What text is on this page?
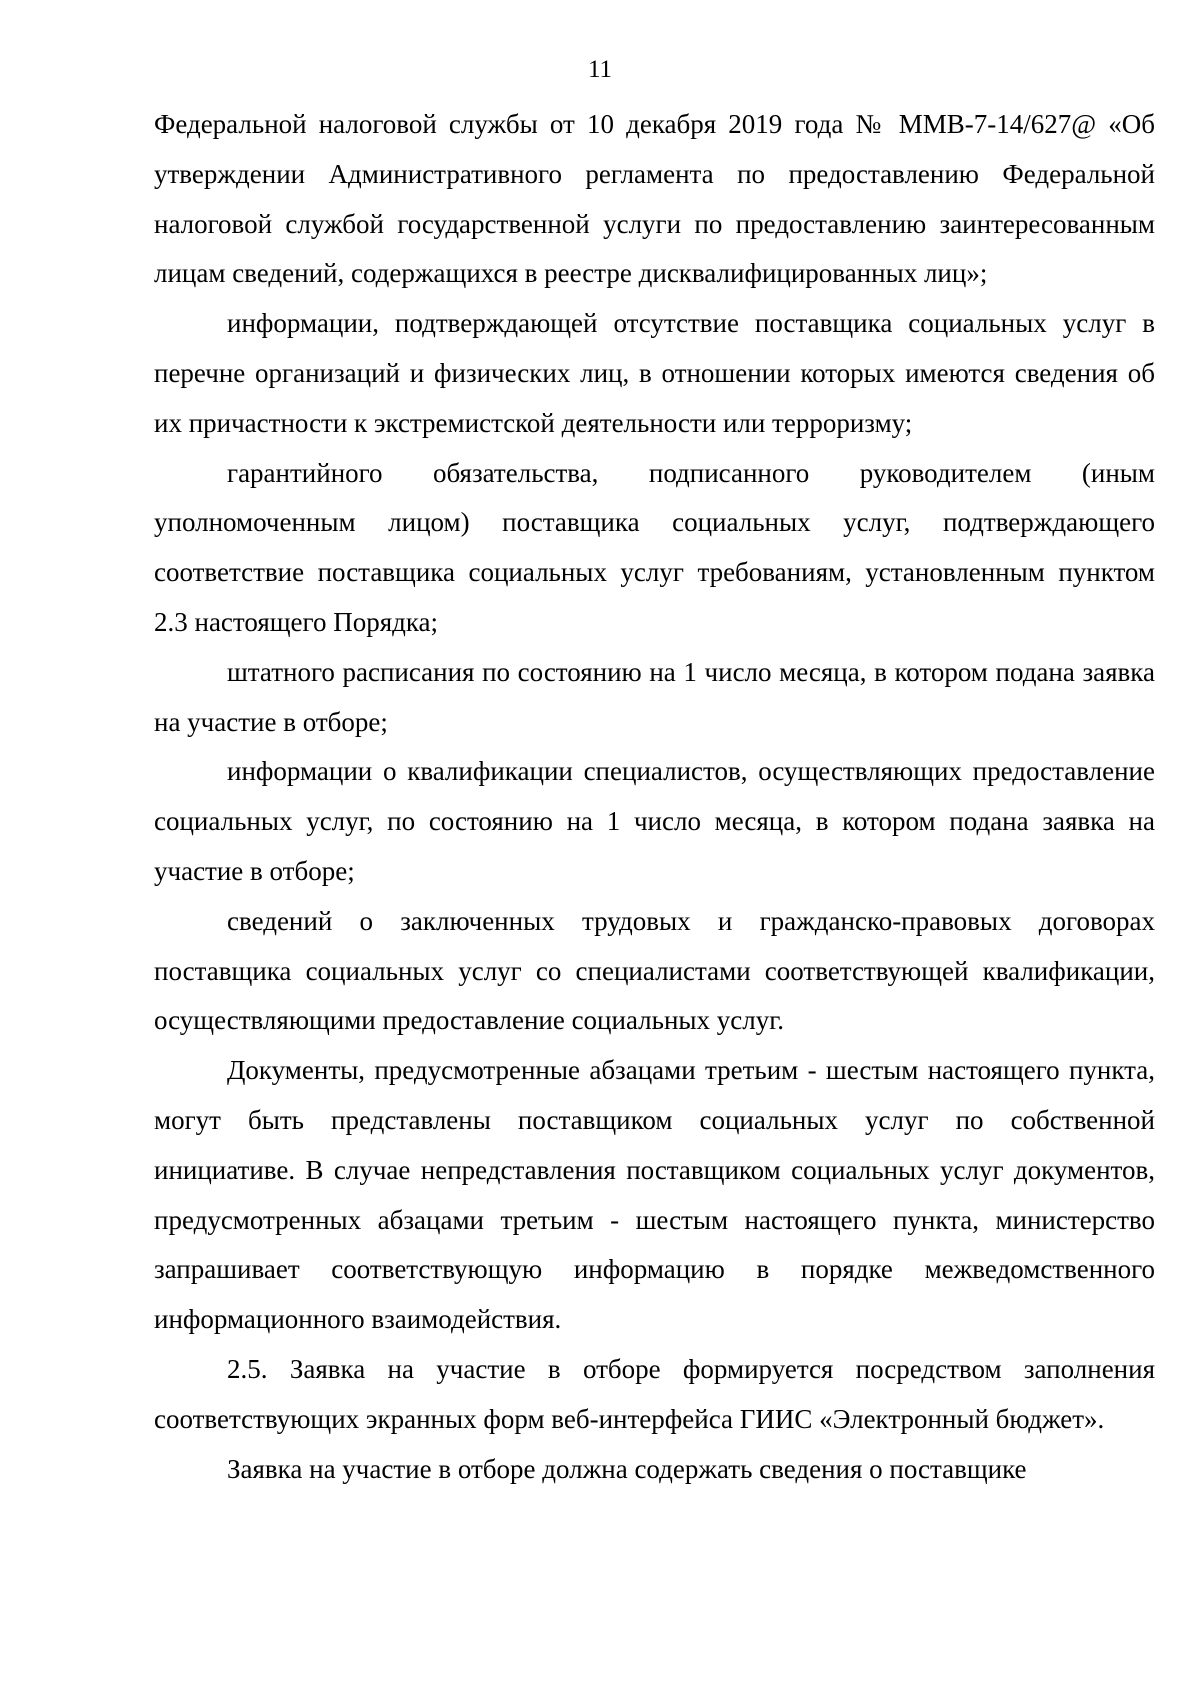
11

Федеральной налоговой службы от 10 декабря 2019 года № ММВ-7-14/627@ «Об утверждении Административного регламента по предоставлению Федеральной налоговой службой государственной услуги по предоставлению заинтересованным лицам сведений, содержащихся в реестре дисквалифицированных лиц»;

информации, подтверждающей отсутствие поставщика социальных услуг в перечне организаций и физических лиц, в отношении которых имеются сведения об их причастности к экстремистской деятельности или терроризму;

гарантийного обязательства, подписанного руководителем (иным уполномоченным лицом) поставщика социальных услуг, подтверждающего соответствие поставщика социальных услуг требованиям, установленным пунктом 2.3 настоящего Порядка;

штатного расписания по состоянию на 1 число месяца, в котором подана заявка на участие в отборе;

информации о квалификации специалистов, осуществляющих предоставление социальных услуг, по состоянию на 1 число месяца, в котором подана заявка на участие в отборе;

сведений о заключенных трудовых и гражданско-правовых договорах поставщика социальных услуг со специалистами соответствующей квалификации, осуществляющими предоставление социальных услуг.

Документы, предусмотренные абзацами третьим - шестым настоящего пункта, могут быть представлены поставщиком социальных услуг по собственной инициативе. В случае непредставления поставщиком социальных услуг документов, предусмотренных абзацами третьим - шестым настоящего пункта, министерство запрашивает соответствующую информацию в порядке межведомственного информационного взаимодействия.

2.5. Заявка на участие в отборе формируется посредством заполнения соответствующих экранных форм веб-интерфейса ГИИС «Электронный бюджет».

Заявка на участие в отборе должна содержать сведения о поставщике
